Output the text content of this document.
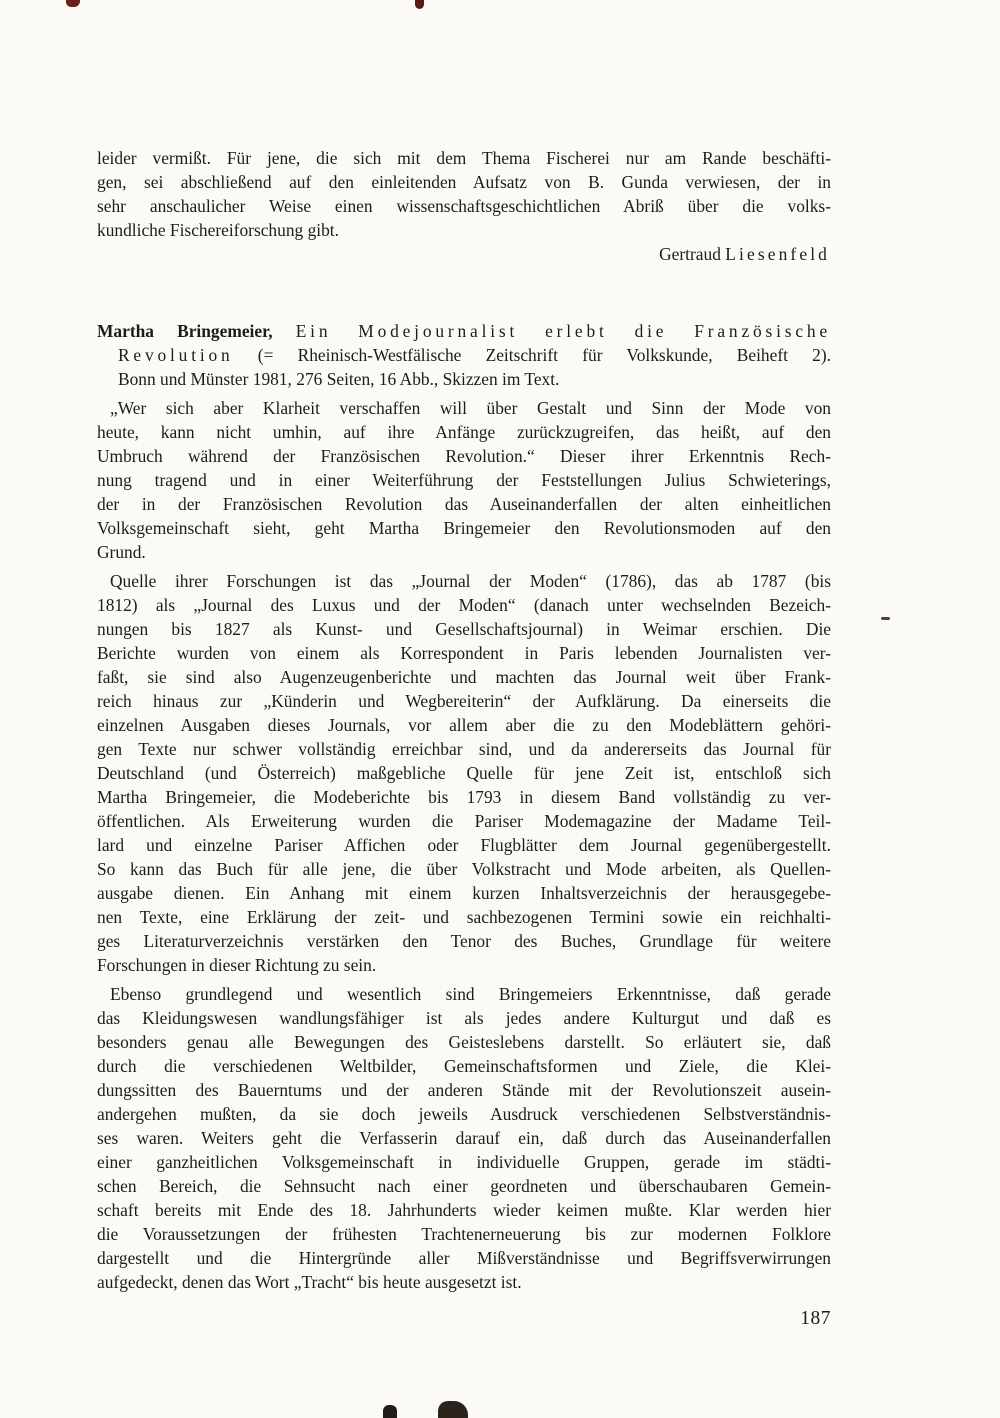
leider vermißt. Für jene, die sich mit dem Thema Fischerei nur am Rande beschäfti-
gen, sei abschließend auf den einleitenden Aufsatz von B. Gunda verwiesen, der in
sehr anschaulicher Weise einen wissenschaftsgeschichtlichen Abriß über die volks-
kundliche Fischereiforschung gibt.
Gertraud Liesenfeld
Martha Bringemeier, Ein Modejournalist erlebt die Französische
Revolution (= Rheinisch-Westfälische Zeitschrift für Volkskunde, Beiheft 2).
Bonn und Münster 1981, 276 Seiten, 16 Abb., Skizzen im Text.
„Wer sich aber Klarheit verschaffen will über Gestalt und Sinn der Mode von
heute, kann nicht umhin, auf ihre Anfänge zurückzugreifen, das heißt, auf den
Umbruch während der Französischen Revolution.“ Dieser ihrer Erkenntnis Rech-
nung tragend und in einer Weiterführung der Feststellungen Julius Schwieterings,
der in der Französischen Revolution das Auseinanderfallen der alten einheitlichen
Volksgemeinschaft sieht, geht Martha Bringemeier den Revolutionsmoden auf den
Grund.
Quelle ihrer Forschungen ist das „Journal der Moden“ (1786), das ab 1787 (bis
1812) als „Journal des Luxus und der Moden“ (danach unter wechselnden Bezeich-
nungen bis 1827 als Kunst- und Gesellschaftsjournal) in Weimar erschien. Die
Berichte wurden von einem als Korrespondent in Paris lebenden Journalisten ver-
faßt, sie sind also Augenzeugenberichte und machten das Journal weit über Frank-
reich hinaus zur „Künderin und Wegbereiterin“ der Aufklärung. Da einerseits die
einzelnen Ausgaben dieses Journals, vor allem aber die zu den Modeblättern gehöri-
gen Texte nur schwer vollständig erreichbar sind, und da andererseits das Journal für
Deutschland (und Österreich) maßgebliche Quelle für jene Zeit ist, entschloß sich
Martha Bringemeier, die Modeberichte bis 1793 in diesem Band vollständig zu ver-
öffentlichen. Als Erweiterung wurden die Pariser Modemagazine der Madame Teil-
lard und einzelne Pariser Affichen oder Flugblätter dem Journal gegenübergestellt.
So kann das Buch für alle jene, die über Volkstracht und Mode arbeiten, als Quellen-
ausgabe dienen. Ein Anhang mit einem kurzen Inhaltsverzeichnis der herausgegebe-
nen Texte, eine Erklärung der zeit- und sachbezogenen Termini sowie ein reichhalti-
ges Literaturverzeichnis verstärken den Tenor des Buches, Grundlage für weitere
Forschungen in dieser Richtung zu sein.
Ebenso grundlegend und wesentlich sind Bringemeiers Erkenntnisse, daß gerade
das Kleidungswesen wandlungsfähiger ist als jedes andere Kulturgut und daß es
besonders genau alle Bewegungen des Geisteslebens darstellt. So erläutert sie, daß
durch die verschiedenen Weltbilder, Gemeinschaftsformen und Ziele, die Klei-
dungssitten des Bauerntums und der anderen Stände mit der Revolutionszeit ausein-
andergehen mußten, da sie doch jeweils Ausdruck verschiedenen Selbstverständnis-
ses waren. Weiters geht die Verfasserin darauf ein, daß durch das Auseinanderfallen
einer ganzheitlichen Volksgemeinschaft in individuelle Gruppen, gerade im städti-
schen Bereich, die Sehnsucht nach einer geordneten und überschaubaren Gemein-
schaft bereits mit Ende des 18. Jahrhunderts wieder keimen mußte. Klar werden hier
die Voraussetzungen der frühesten Trachtenerneuerung bis zur modernen Folklore
dargestellt und die Hintergründe aller Mißverständnisse und Begriffsverwirrungen
aufgedeckt, denen das Wort „Tracht“ bis heute ausgesetzt ist.
187
